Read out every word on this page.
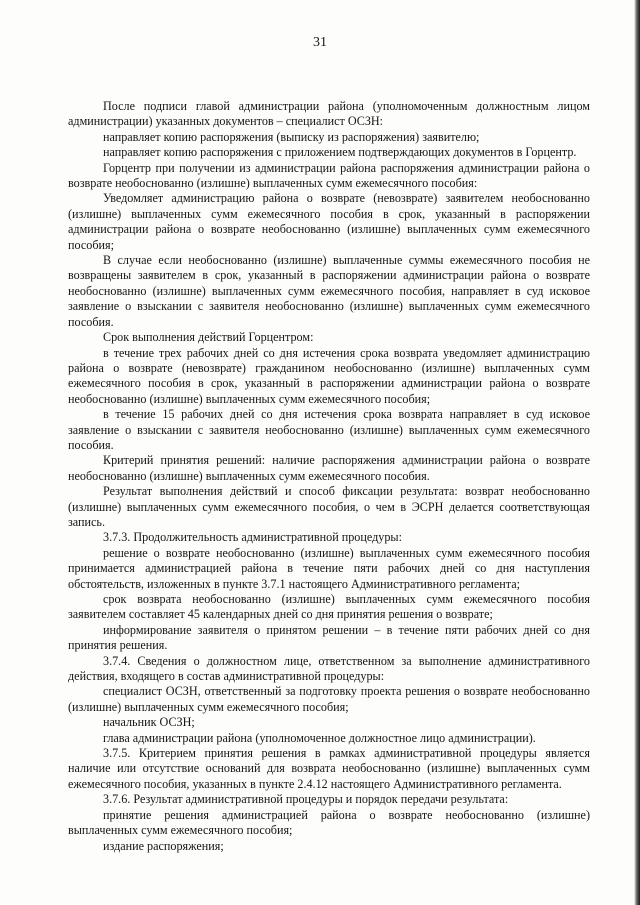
31

После подписи главой администрации района (уполномоченным должностным лицом администрации) указанных документов – специалист ОСЗН:

направляет копию распоряжения (выписку из распоряжения) заявителю;

направляет копию распоряжения с приложением подтверждающих документов в Горцентр.

Горцентр при получении из администрации района распоряжения администрации района о возврате необоснованно (излишне) выплаченных сумм ежемесячного пособия:

Уведомляет администрацию района о возврате (невозврате) заявителем необоснованно (излишне) выплаченных сумм ежемесячного пособия в срок, указанный в распоряжении администрации района о возврате необоснованно (излишне) выплаченных сумм ежемесячного пособия;

В случае если необоснованно (излишне) выплаченные суммы ежемесячного пособия не возвращены заявителем в срок, указанный в распоряжении администрации района о возврате необоснованно (излишне) выплаченных сумм ежемесячного пособия, направляет в суд исковое заявление о взыскании с заявителя необоснованно (излишне) выплаченных сумм ежемесячного пособия.

Срок выполнения действий Горцентром:

в течение трех рабочих дней со дня истечения срока возврата уведомляет администрацию района о возврате (невозврате) гражданином необоснованно (излишне) выплаченных сумм ежемесячного пособия в срок, указанный в распоряжении администрации района о возврате необоснованно (излишне) выплаченных сумм ежемесячного пособия;

в течение 15 рабочих дней со дня истечения срока возврата направляет в суд исковое заявление о взыскании с заявителя необоснованно (излишне) выплаченных сумм ежемесячного пособия.

Критерий принятия решений: наличие распоряжения администрации района о возврате необоснованно (излишне) выплаченных сумм ежемесячного пособия.

Результат выполнения действий и способ фиксации результата: возврат необоснованно (излишне) выплаченных сумм ежемесячного пособия, о чем в ЭСРН делается соответствующая запись.

3.7.3. Продолжительность административной процедуры:

решение о возврате необоснованно (излишне) выплаченных сумм ежемесячного пособия принимается администрацией района в течение пяти рабочих дней со дня наступления обстоятельств, изложенных в пункте 3.7.1 настоящего Административного регламента;

срок возврата необоснованно (излишне) выплаченных сумм ежемесячного пособия заявителем составляет 45 календарных дней со дня принятия решения о возврате;

информирование заявителя о принятом решении – в течение пяти рабочих дней со дня принятия решения.

3.7.4. Сведения о должностном лице, ответственном за выполнение административного действия, входящего в состав административной процедуры:

специалист ОСЗН, ответственный за подготовку проекта решения о возврате необоснованно (излишне) выплаченных сумм ежемесячного пособия;

начальник ОСЗН;

глава администрации района (уполномоченное должностное лицо администрации).

3.7.5. Критерием принятия решения в рамках административной процедуры является наличие или отсутствие оснований для возврата необоснованно (излишне) выплаченных сумм ежемесячного пособия, указанных в пункте 2.4.12 настоящего Административного регламента.

3.7.6. Результат административной процедуры и порядок передачи результата:

принятие решения администрацией района о возврате необоснованно (излишне) выплаченных сумм ежемесячного пособия;

издание распоряжения;
